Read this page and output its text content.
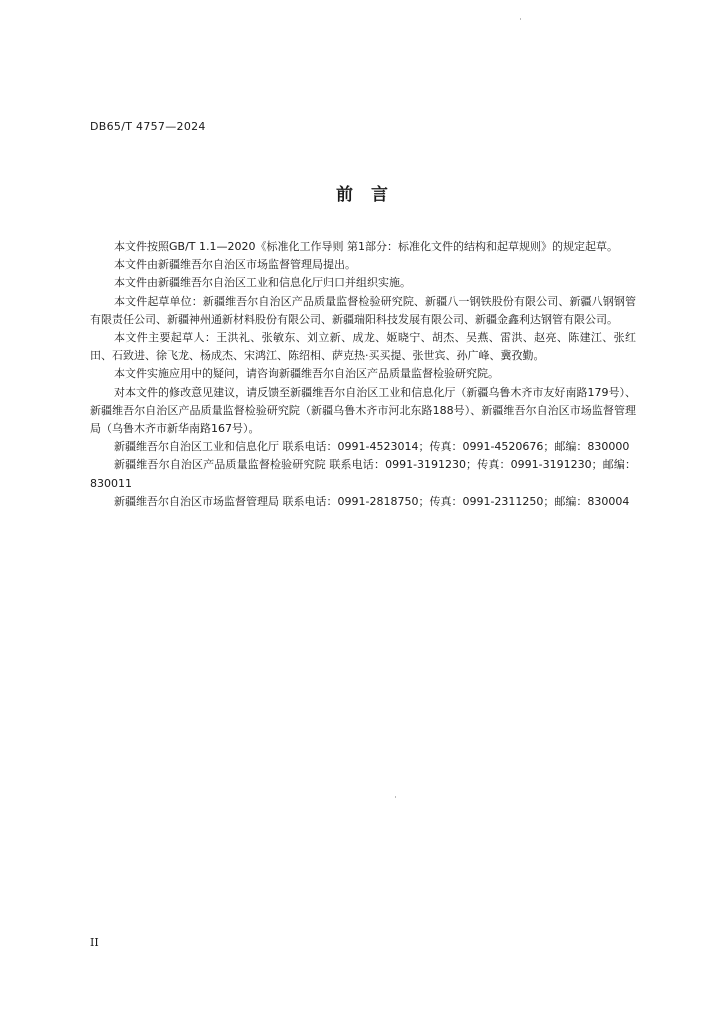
DB65/T 4757—2024
前言

本文件按照GB/T 1.1—2020《标准化工作导则 第1部分：标准化文件的结构和起草规则》的规定起草。

本文件由新疆维吾尔自治区市场监督管理局提出。

本文件由新疆维吾尔自治区工业和信息化厅归口并组织实施。

本文件起草单位：新疆维吾尔自治区产品质量监督检验研究院、新疆八一钢铁股份有限公司、新疆八钢钢管有限责任公司、新疆神州通新材料股份有限公司、新疆瑞阳科技发展有限公司、新疆金鑫利达钢管有限公司。

本文件主要起草人：王洪礼、张敏东、刘立新、成龙、姬晓宁、胡杰、吴燕、雷洪、赵亮、陈建江、张红田、石致进、徐飞龙、杨成杰、宋鸿江、陈绍相、萨克热·买买提、张世宾、孙广峰、冀孜勤。

本文件实施应用中的疑问，请咨询新疆维吾尔自治区产品质量监督检验研究院。

对本文件的修改意见建议，请反馈至新疆维吾尔自治区工业和信息化厅（新疆乌鲁木齐市友好南路179号）、新疆维吾尔自治区产品质量监督检验研究院（新疆乌鲁木齐市河北东路188号）、新疆维吾尔自治区市场监督管理局（乌鲁木齐市新华南路167号）。

新疆维吾尔自治区工业和信息化厅 联系电话：0991-4523014；传真：0991-4520676；邮编：830000

新疆维吾尔自治区产品质量监督检验研究院 联系电话：0991-3191230；传真：0991-3191230；邮编：830011

新疆维吾尔自治区市场监督管理局 联系电话：0991-2818750；传真：0991-2311250；邮编：830004

II
